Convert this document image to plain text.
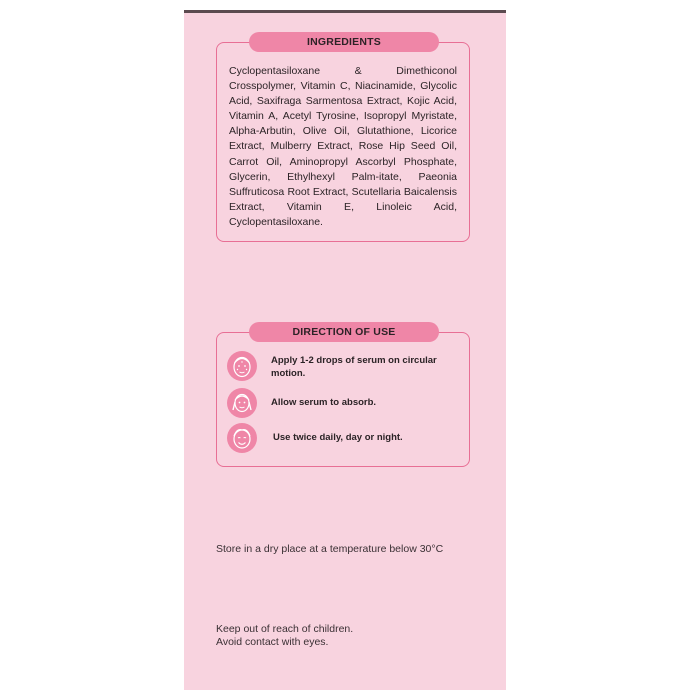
INGREDIENTS
Cyclopentasiloxane & Dimethiconol Crosspolymer, Vitamin C, Niacinamide, Glycolic Acid, Saxifraga Sarmentosa Extract, Kojic Acid, Vitamin A, Acetyl Tyrosine, Isopropyl Myristate, Alpha-Arbutin, Olive Oil, Glutathione, Licorice Extract, Mulberry Extract, Rose Hip Seed Oil, Carrot Oil, Aminopropyl Ascorbyl Phosphate, Glycerin, Ethylhexyl Palm-itate, Paeonia Suffruticosa Root Extract, Scutellaria Baicalensis Extract, Vitamin E, Linoleic Acid, Cyclopentasiloxane.
DIRECTION OF USE
Apply 1-2 drops of serum on circular motion.
Allow serum to absorb.
Use twice daily, day or night.
Store in a dry place at a temperature below 30°C
Keep out of reach of children.
Avoid contact with eyes.
